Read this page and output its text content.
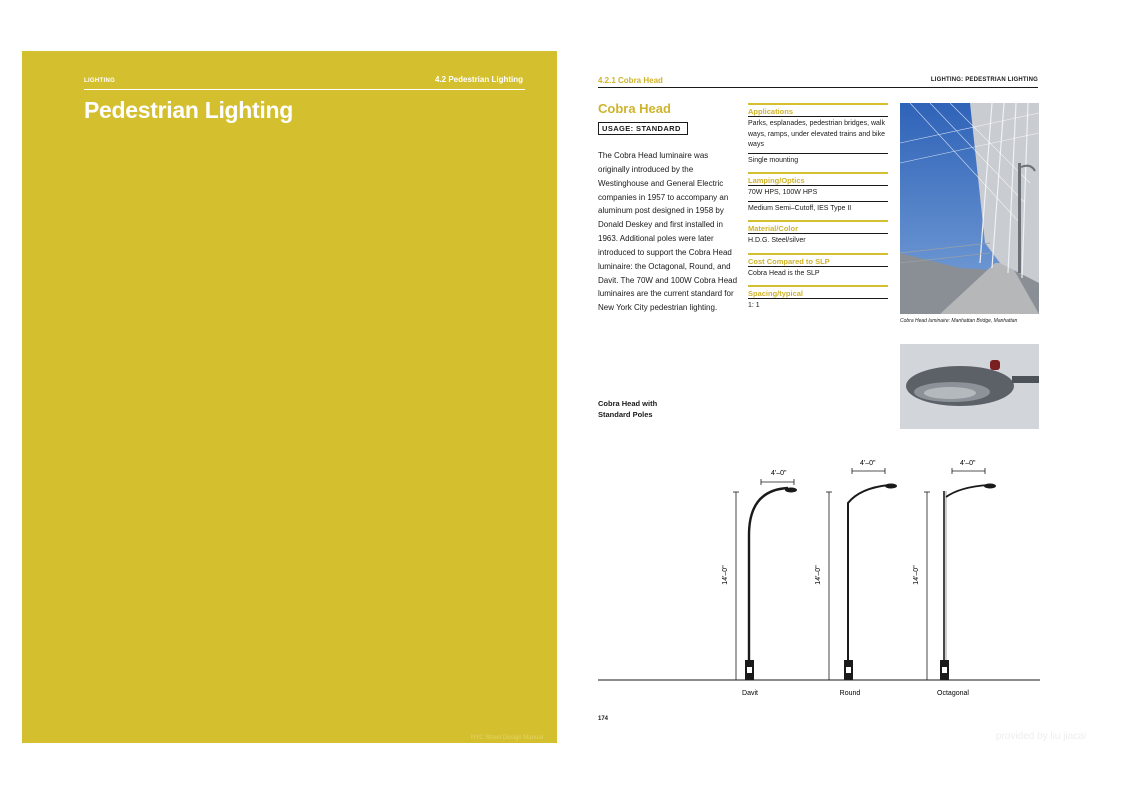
LIGHTING	4.2 Pedestrian Lighting
Pedestrian Lighting
NYC Street Design Manual
4.2.1 Cobra Head	LIGHTING: PEDESTRIAN LIGHTING
Cobra Head
USAGE: STANDARD
The Cobra Head luminaire was originally introduced by the Westinghouse and General Electric companies in 1957 to accompany an aluminum post designed in 1958 by Donald Deskey and first installed in 1963. Additional poles were later introduced to support the Cobra Head luminaire: the Octagonal, Round, and Davit. The 70W and 100W Cobra Head luminaires are the current standard for New York City pedestrian lighting.
Applications
Parks, esplanades, pedestrian bridges, walk ways, ramps, under elevated trains and bike ways
Single mounting
Lamping/Optics
70W HPS, 100W HPS
Medium Semi–Cutoff, IES Type II
Material/Color
H.D.G. Steel/silver
Cost Compared to SLP
Cobra Head is the SLP
Spacing/typical
1: 1
Cobra Head luminaire: Manhattan Bridge, Manhattan
Cobra Head with Standard Poles
14'–0"
4'–0"
Davit
14'–0"
4'–0"
Round
14'–0"
4'–0"
Octagonal
174
provided by liu jiacai
